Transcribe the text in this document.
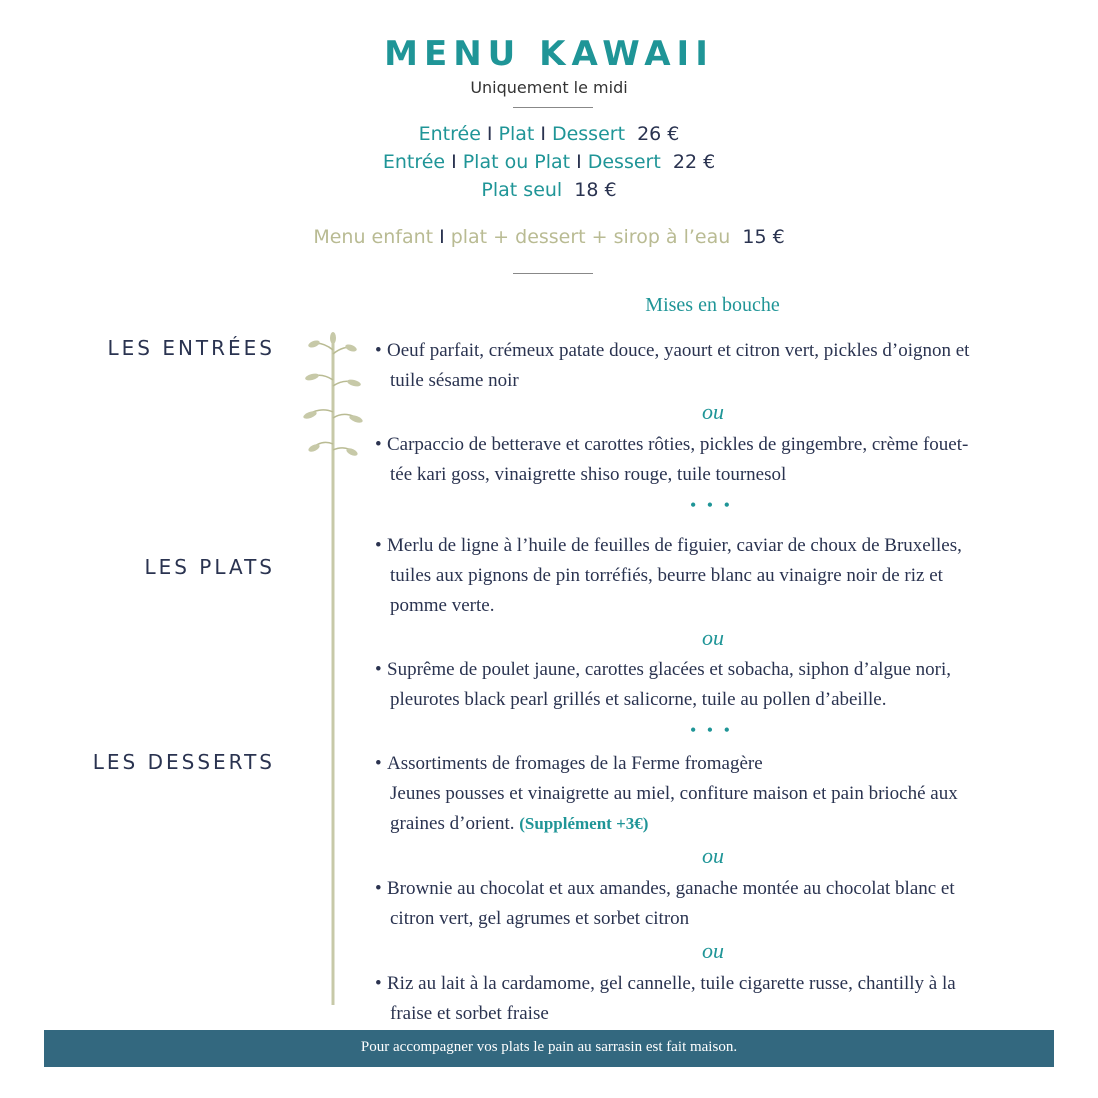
MENU KAWAII
Uniquement le midi
Entrée I Plat I Dessert 26 €
Entrée I Plat ou Plat I Dessert 22 €
Plat seul 18 €
Menu enfant I plat + dessert + sirop à l’eau 15 €
Mises en bouche
LES ENTRÉES
LES PLATS
LES DESSERTS
• Oeuf parfait, crémeux patate douce, yaourt et citron vert, pickles d’oignon et
tuile sésame noir
ou
• Carpaccio de betterave et carottes rôties, pickles de gingembre, crème fouet-
tée kari goss, vinaigrette shiso rouge, tuile tournesol
• • •
• Merlu de ligne à l’huile de feuilles de figuier, caviar de choux de Bruxelles,
tuiles aux pignons de pin torréfiés, beurre blanc au vinaigre noir de riz et
pomme verte.
ou
• Suprême de poulet jaune, carottes glacées et sobacha, siphon d’algue nori,
pleurotes black pearl grillés et salicorne, tuile au pollen d’abeille.
• • •
• Assortiments de fromages de la Ferme fromagère
Jeunes pousses et vinaigrette au miel, confiture maison et pain brioché aux
graines d’orient. (Supplément +3€)
ou
• Brownie au chocolat et aux amandes, ganache montée au chocolat blanc et
citron vert, gel agrumes et sorbet citron
ou
• Riz au lait à la cardamome, gel cannelle, tuile cigarette russe, chantilly à la
fraise et sorbet fraise
Pour accompagner vos plats le pain au sarrasin est fait maison.
